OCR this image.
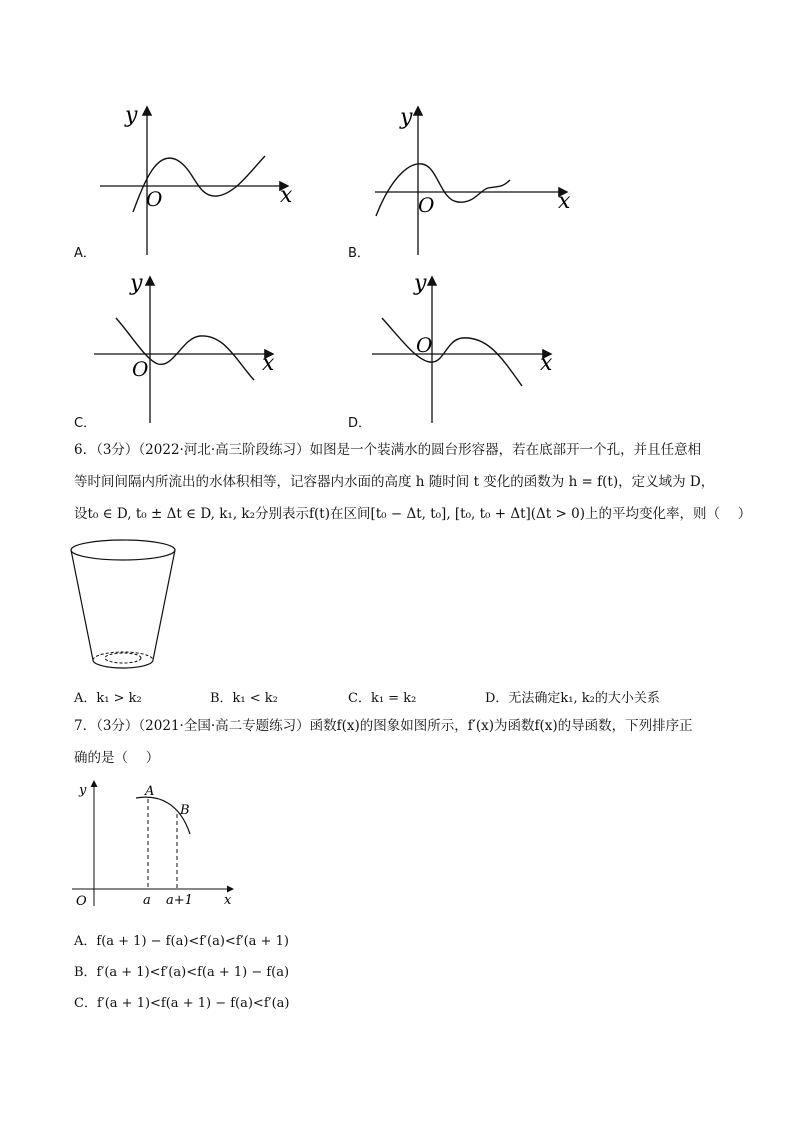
x
y
O
A．
x
y
O
B．
x
y
O
C．
x
y
O
D．
6．（3分）（2022·河北·高三阶段练习）如图是一个装满水的圆台形容器，若在底部开一个孔，并且任意相
等时间间隔内所流出的水体积相等，记容器内水面的高度 h 随时间 t 变化的函数为 h = f(t)，定义域为 D，
设t₀ ∈ D, t₀ ± Δt ∈ D, k₁, k₂分别表示f(t)在区间[t₀ − Δt, t₀], [t₀, t₀ + Δt](Δt > 0)上的平均变化率，则（　 ）
A．k₁ > k₂	B．k₁ < k₂	C．k₁ = k₂	D．无法确定k₁, k₂的大小关系
7．（3分）（2021·全国·高二专题练习）函数f(x)的图象如图所示，f′(x)为函数f(x)的导函数，下列排序正
确的是（　 ）
y
x
O
A
B
a a+1
A．f(a + 1) − f(a)<f′(a)<f′(a + 1)
B．f′(a + 1)<f′(a)<f(a + 1) − f(a)
C．f′(a + 1)<f(a + 1) − f(a)<f′(a)
